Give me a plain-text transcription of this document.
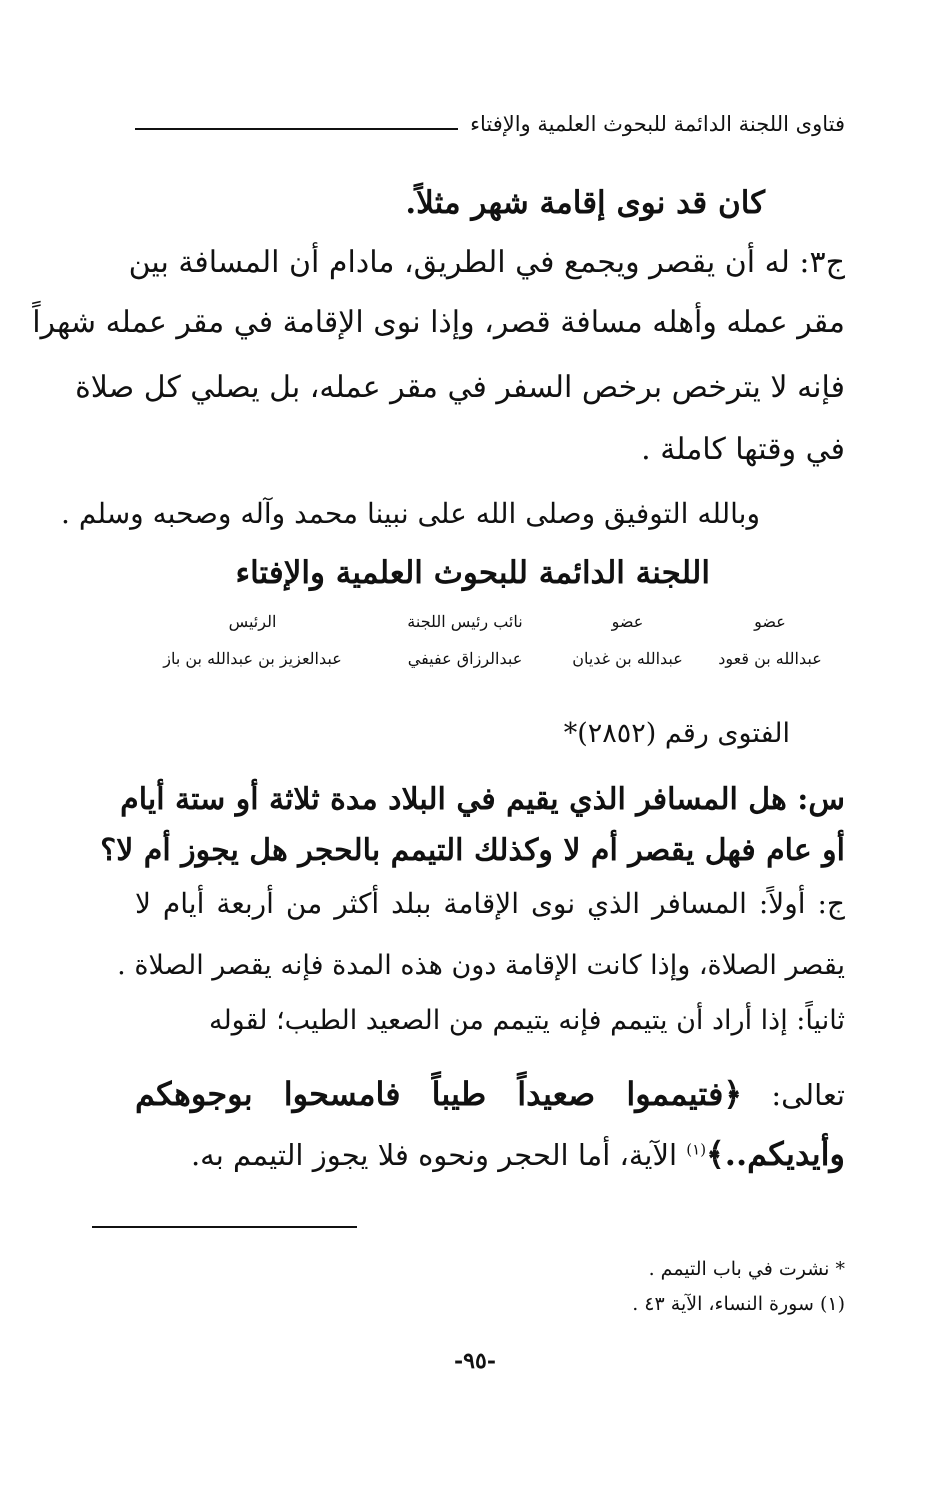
فتاوى اللجنة الدائمة للبحوث العلمية والإفتاء
كان قد نوى إقامة شهر مثلاً.
ج٣: له أن يقصر ويجمع في الطريق، مادام أن المسافة بين
مقر عمله وأهله مسافة قصر، وإذا نوى الإقامة في مقر عمله شهراً
فإنه لا يترخص برخص السفر في مقر عمله، بل يصلي كل صلاة
في وقتها كاملة .
وبالله التوفيق وصلى الله على نبينا محمد وآله وصحبه وسلم .
اللجنة الدائمة للبحوث العلمية والإفتاء
عضو
عضو
نائب رئيس اللجنة
الرئيس
عبدالله بن قعود
عبدالله بن غديان
عبدالرزاق عفيفي
عبدالعزيز بن عبدالله بن باز
الفتوى رقم (٢٨٥٢)*
س: هل المسافر الذي يقيم في البلاد مدة ثلاثة أو ستة أيام
أو عام فهل يقصر أم لا وكذلك التيمم بالحجر هل يجوز أم لا؟
ج: أولاً: المسافر الذي نوى الإقامة ببلد أكثر من أربعة أيام لا
يقصر الصلاة، وإذا كانت الإقامة دون هذه المدة فإنه يقصر الصلاة .
ثانياً: إذا أراد أن يتيمم فإنه يتيمم من الصعيد الطيب؛ لقوله
تعالى: ﴿فتيمموا صعيداً طيباً فامسحوا بوجوهكم
وأيديكم..﴾$^{(١)}$ الآية، أما الحجر ونحوه فلا يجوز التيمم به.
* نشرت في باب التيمم .
(١) سورة النساء، الآية ٤٣ .
-٩٥-
